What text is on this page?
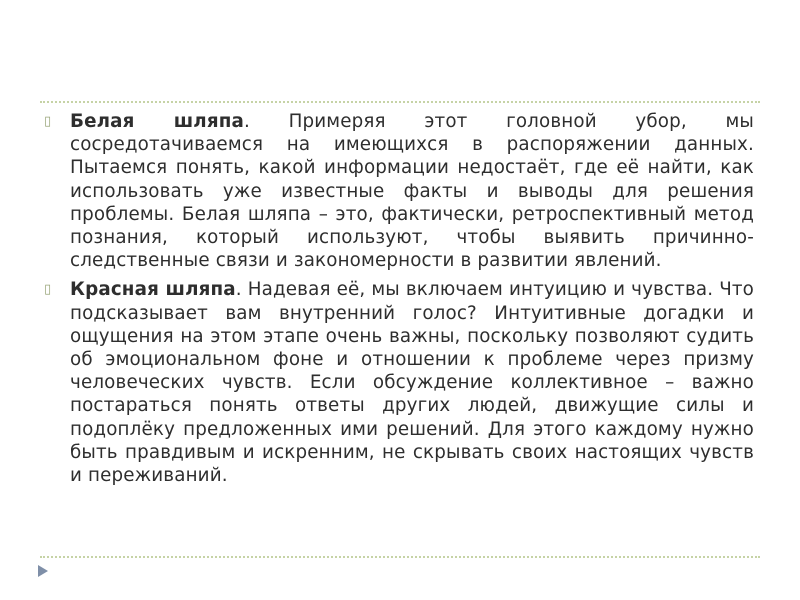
▯	Белая шляпа. Примеряя этот головной убор, мы сосредотачиваемся на имеющихся в распоряжении данных. Пытаемся понять, какой информации недостаёт, где её найти, как использовать уже известные факты и выводы для решения проблемы. Белая шляпа – это, фактически, ретроспективный метод познания, который используют, чтобы выявить причинно-следственные связи и закономерности в развитии явлений.

▯	Красная шляпа. Надевая её, мы включаем интуицию и чувства. Что подсказывает вам внутренний голос? Интуитивные догадки и ощущения на этом этапе очень важны, поскольку позволяют судить об эмоциональном фоне и отношении к проблеме через призму человеческих чувств. Если обсуждение коллективное – важно постараться понять ответы других людей, движущие силы и подоплёку предложенных ими решений. Для этого каждому нужно быть правдивым и искренним, не скрывать своих настоящих чувств и переживаний.
